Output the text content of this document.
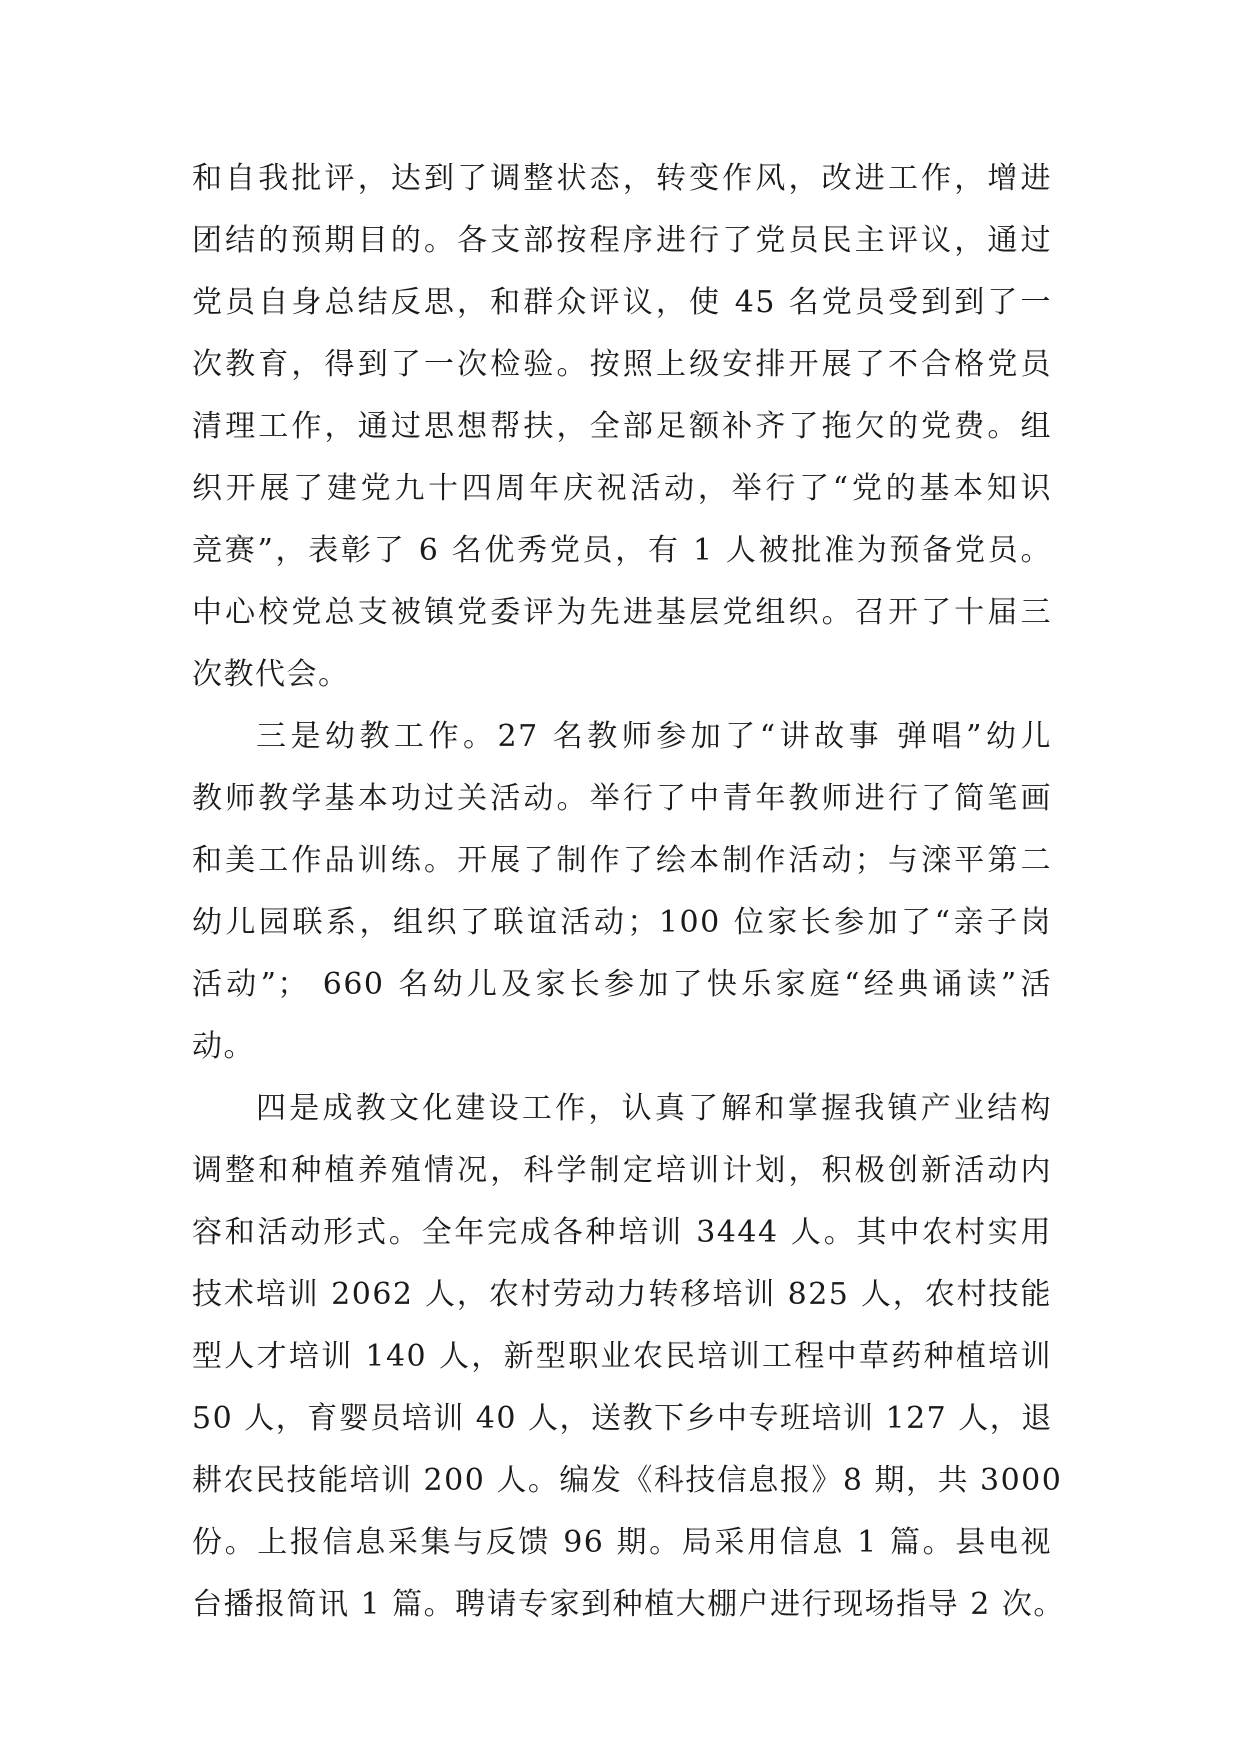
和自我批评，达到了调整状态，转变作风，改进工作，增进
团结的预期目的。各支部按程序进行了党员民主评议，通过
党员自身总结反思，和群众评议，使 45 名党员受到到了一
次教育，得到了一次检验。按照上级安排开展了不合格党员
清理工作，通过思想帮扶，全部足额补齐了拖欠的党费。组
织开展了建党九十四周年庆祝活动，举行了“党的基本知识
竞赛”，表彰了 6 名优秀党员，有 1 人被批准为预备党员。
中心校党总支被镇党委评为先进基层党组织。召开了十届三
次教代会。
三是幼教工作。27 名教师参加了“讲故事 弹唱”幼儿
教师教学基本功过关活动。举行了中青年教师进行了简笔画
和美工作品训练。开展了制作了绘本制作活动；与滦平第二
幼儿园联系，组织了联谊活动；100 位家长参加了“亲子岗
活动”； 660 名幼儿及家长参加了快乐家庭“经典诵读”活
动。
四是成教文化建设工作，认真了解和掌握我镇产业结构
调整和种植养殖情况，科学制定培训计划，积极创新活动内
容和活动形式。全年完成各种培训 3444 人。其中农村实用
技术培训 2062 人，农村劳动力转移培训 825 人，农村技能
型人才培训 140 人，新型职业农民培训工程中草药种植培训
50 人，育婴员培训 40 人，送教下乡中专班培训 127 人，退
耕农民技能培训 200 人。编发《科技信息报》8 期，共 3000
份。上报信息采集与反馈 96 期。局采用信息 1 篇。县电视
台播报简讯 1 篇。聘请专家到种植大棚户进行现场指导 2 次。
